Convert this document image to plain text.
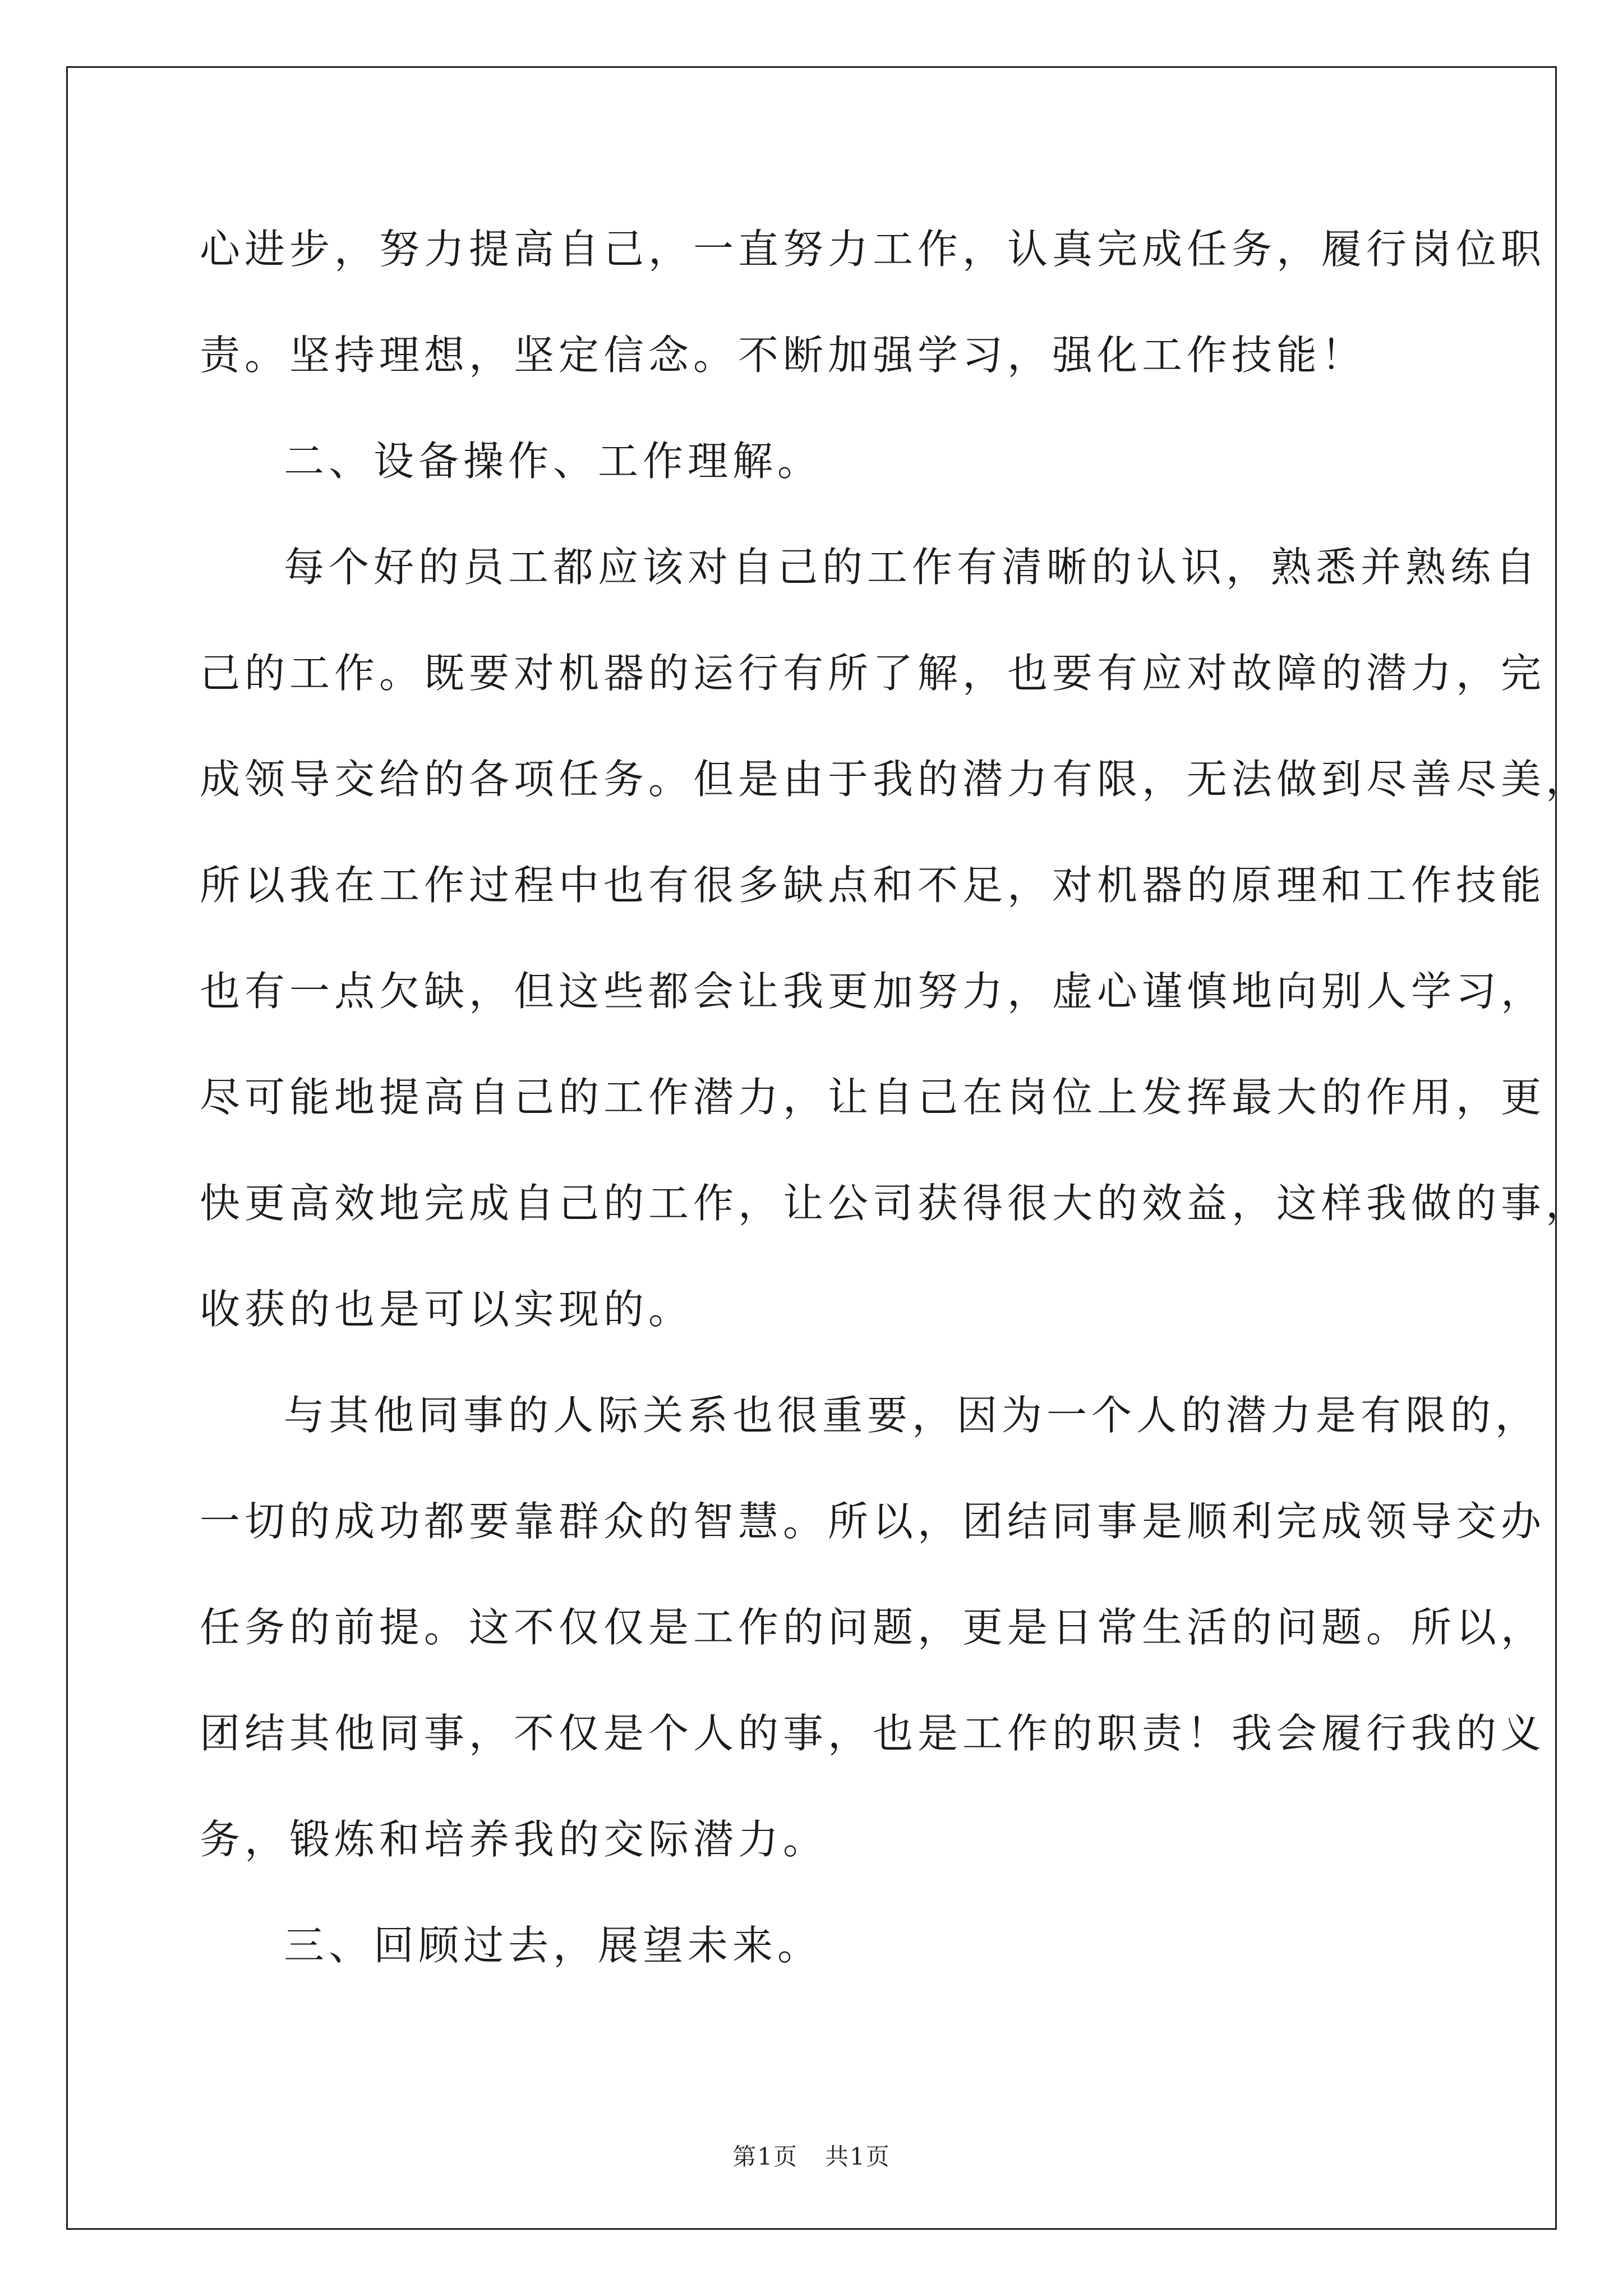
心进步，努力提高自己，一直努力工作，认真完成任务，履行岗位职
责。坚持理想，坚定信念。不断加强学习，强化工作技能！
二、设备操作、工作理解。
每个好的员工都应该对自己的工作有清晰的认识，熟悉并熟练自
己的工作。既要对机器的运行有所了解，也要有应对故障的潜力，完
成领导交给的各项任务。但是由于我的潜力有限，无法做到尽善尽美，
所以我在工作过程中也有很多缺点和不足，对机器的原理和工作技能
也有一点欠缺，但这些都会让我更加努力，虚心谨慎地向别人学习，
尽可能地提高自己的工作潜力，让自己在岗位上发挥最大的作用，更
快更高效地完成自己的工作，让公司获得很大的效益，这样我做的事，
收获的也是可以实现的。
与其他同事的人际关系也很重要，因为一个人的潜力是有限的，
一切的成功都要靠群众的智慧。所以，团结同事是顺利完成领导交办
任务的前提。这不仅仅是工作的问题，更是日常生活的问题。所以，
团结其他同事，不仅是个人的事，也是工作的职责！我会履行我的义
务，锻炼和培养我的交际潜力。
三、回顾过去，展望未来。
第1页 共1页
